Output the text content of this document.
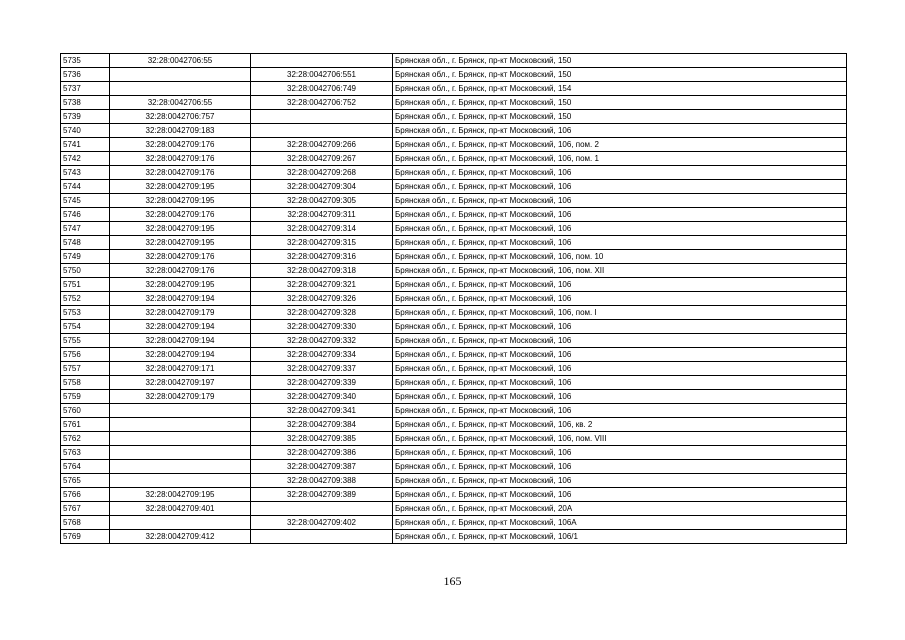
5735	32:28:0042706:55		Брянская обл., г. Брянск, пр-кт Московский, 150
5736		32:28:0042706:551	Брянская обл., г. Брянск, пр-кт Московский, 150
5737		32:28:0042706:749	Брянская обл., г. Брянск, пр-кт Московский, 154
5738	32:28:0042706:55	32:28:0042706:752	Брянская обл., г. Брянск, пр-кт Московский, 150
5739	32:28:0042706:757		Брянская обл., г. Брянск, пр-кт Московский, 150
5740	32:28:0042709:183		Брянская обл., г. Брянск, пр-кт Московский, 106
5741	32:28:0042709:176	32:28:0042709:266	Брянская обл., г. Брянск, пр-кт Московский, 106, пом. 2
5742	32:28:0042709:176	32:28:0042709:267	Брянская обл., г. Брянск, пр-кт Московский, 106, пом. 1
5743	32:28:0042709:176	32:28:0042709:268	Брянская обл., г. Брянск, пр-кт Московский, 106
5744	32:28:0042709:195	32:28:0042709:304	Брянская обл., г. Брянск, пр-кт Московский, 106
5745	32:28:0042709:195	32:28:0042709:305	Брянская обл., г. Брянск, пр-кт Московский, 106
5746	32:28:0042709:176	32:28:0042709:311	Брянская обл., г. Брянск, пр-кт Московский, 106
5747	32:28:0042709:195	32:28:0042709:314	Брянская обл., г. Брянск, пр-кт Московский, 106
5748	32:28:0042709:195	32:28:0042709:315	Брянская обл., г. Брянск, пр-кт Московский, 106
5749	32:28:0042709:176	32:28:0042709:316	Брянская обл., г. Брянск, пр-кт Московский, 106, пом. 10
5750	32:28:0042709:176	32:28:0042709:318	Брянская обл., г. Брянск, пр-кт Московский, 106, пом. XII
5751	32:28:0042709:195	32:28:0042709:321	Брянская обл., г. Брянск, пр-кт Московский, 106
5752	32:28:0042709:194	32:28:0042709:326	Брянская обл., г. Брянск, пр-кт Московский, 106
5753	32:28:0042709:179	32:28:0042709:328	Брянская обл., г. Брянск, пр-кт Московский, 106, пом. I
5754	32:28:0042709:194	32:28:0042709:330	Брянская обл., г. Брянск, пр-кт Московский, 106
5755	32:28:0042709:194	32:28:0042709:332	Брянская обл., г. Брянск, пр-кт Московский, 106
5756	32:28:0042709:194	32:28:0042709:334	Брянская обл., г. Брянск, пр-кт Московский, 106
5757	32:28:0042709:171	32:28:0042709:337	Брянская обл., г. Брянск, пр-кт Московский, 106
5758	32:28:0042709:197	32:28:0042709:339	Брянская обл., г. Брянск, пр-кт Московский, 106
5759	32:28:0042709:179	32:28:0042709:340	Брянская обл., г. Брянск, пр-кт Московский, 106
5760		32:28:0042709:341	Брянская обл., г. Брянск, пр-кт Московский, 106
5761		32:28:0042709:384	Брянская обл., г. Брянск, пр-кт Московский, 106, кв. 2
5762		32:28:0042709:385	Брянская обл., г. Брянск, пр-кт Московский, 106, пом. VIII
5763		32:28:0042709:386	Брянская обл., г. Брянск, пр-кт Московский, 106
5764		32:28:0042709:387	Брянская обл., г. Брянск, пр-кт Московский, 106
5765		32:28:0042709:388	Брянская обл., г. Брянск, пр-кт Московский, 106
5766	32:28:0042709:195	32:28:0042709:389	Брянская обл., г. Брянск, пр-кт Московский, 106
5767	32:28:0042709:401		Брянская обл., г. Брянск, пр-кт Московский, 20А
5768		32:28:0042709:402	Брянская обл., г. Брянск, пр-кт Московский, 106А
5769	32:28:0042709:412		Брянская обл., г. Брянск, пр-кт Московский, 106/1
165
